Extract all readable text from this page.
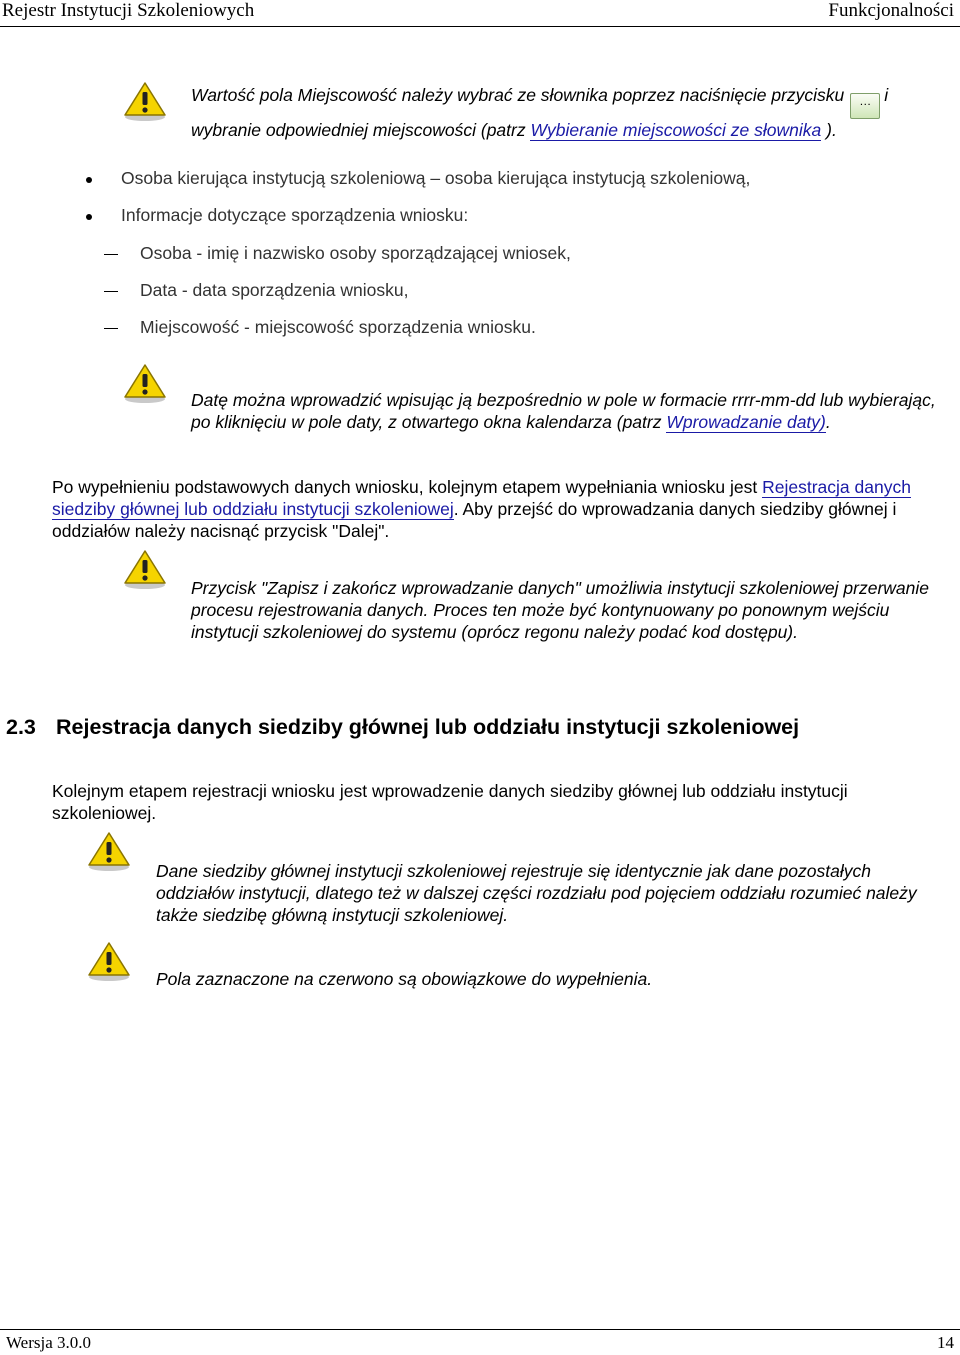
Rejestr Instytucji Szkoleniowych	Funkcjonalności
Wartość pola Miejscowość należy wybrać ze słownika poprzez naciśnięcie przycisku … i
wybranie odpowiedniej miejscowości (patrz Wybieranie miejscowości ze słownika ).
Osoba kierująca instytucją szkoleniową – osoba kierująca instytucją szkoleniową,
Informacje dotyczące sporządzenia wniosku:
Osoba - imię i nazwisko osoby sporządzającej wniosek,
Data - data sporządzenia wniosku,
Miejscowość - miejscowość sporządzenia wniosku.
Datę można wprowadzić wpisując ją bezpośrednio w pole w formacie rrrr-mm-dd lub wybierając, po kliknięciu w pole daty, z otwartego okna kalendarza (patrz Wprowadzanie daty).
Po wypełnieniu podstawowych danych wniosku, kolejnym etapem wypełniania wniosku jest Rejestracja danych siedziby głównej lub oddziału instytucji szkoleniowej. Aby przejść do wprowadzania danych siedziby głównej i oddziałów należy nacisnąć przycisk "Dalej".
Przycisk "Zapisz i zakończ wprowadzanie danych" umożliwia instytucji szkoleniowej przerwanie procesu rejestrowania danych. Proces ten może być kontynuowany po ponownym wejściu instytucji szkoleniowej do systemu (oprócz regonu należy podać kod dostępu).
2.3 Rejestracja danych siedziby głównej lub oddziału instytucji szkoleniowej
Kolejnym etapem rejestracji wniosku jest wprowadzenie danych siedziby głównej lub oddziału instytucji szkoleniowej.
Dane siedziby głównej instytucji szkoleniowej rejestruje się identycznie jak dane pozostałych oddziałów instytucji, dlatego też w dalszej części rozdziału pod pojęciem oddziału rozumieć należy także siedzibę główną instytucji szkoleniowej.
Pola zaznaczone na czerwono są obowiązkowe do wypełnienia.
Wersja 3.0.0	14
